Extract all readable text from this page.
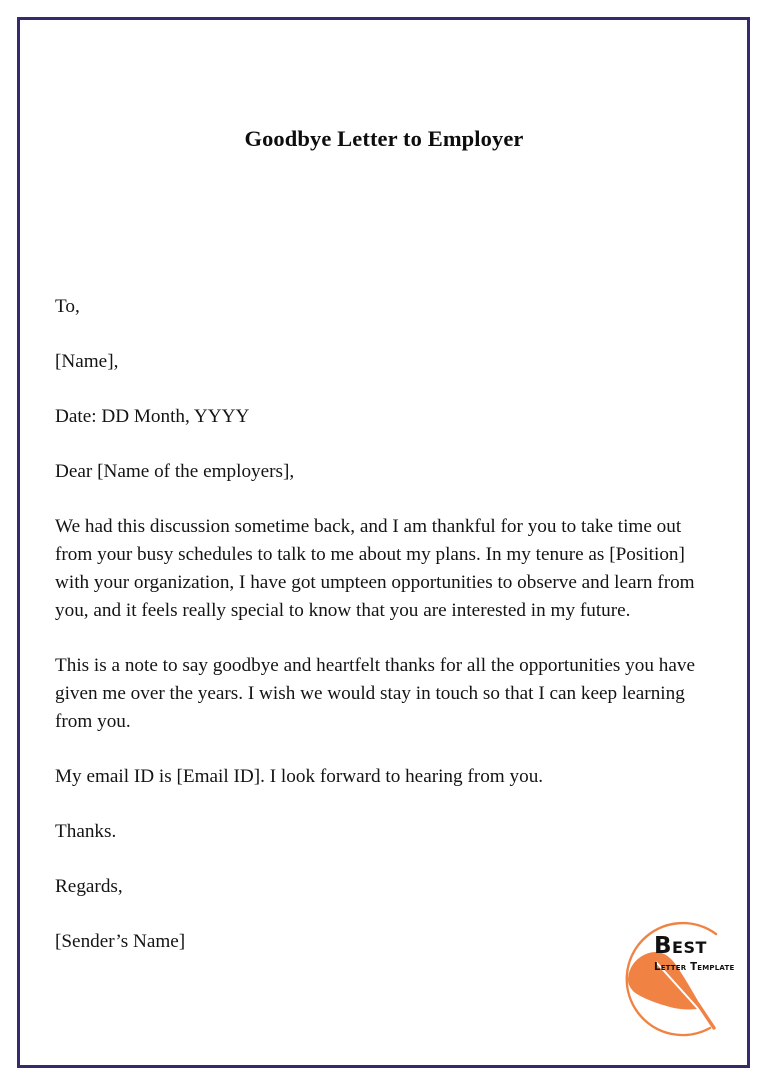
Goodbye Letter to Employer

To,

[Name],

Date: DD Month, YYYY

Dear [Name of the employers],

We had this discussion sometime back, and I am thankful for you to take time out from your busy schedules to talk to me about my plans. In my tenure as [Position] with your organization, I have got umpteen opportunities to observe and learn from you, and it feels really special to know that you are interested in my future.

This is a note to say goodbye and heartfelt thanks for all the opportunities you have given me over the years. I wish we would stay in touch so that I can keep learning from you.

My email ID is [Email ID]. I look forward to hearing from you.

Thanks.

Regards,

[Sender’s Name]	Best
Letter Template
